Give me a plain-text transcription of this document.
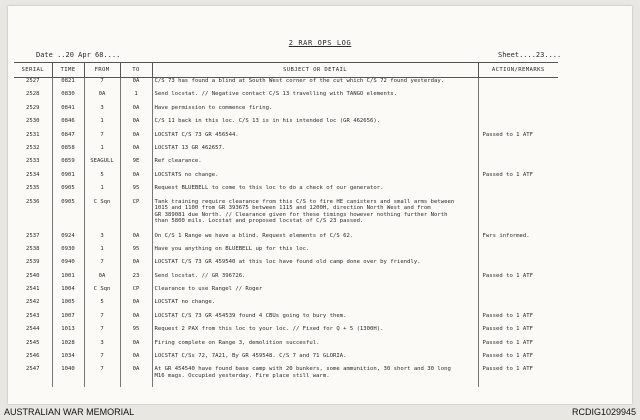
2 RAR OPS LOG
Date ..20 Apr 68....	Sheet....23....
SERIAL	TIME	FROM	TO	SUBJECT OR DETAIL	ACTION/REMARKS
2527	0821	7	0A	C/S 73 has found a blind at South West corner of the cut which C/S 72 found yesterday.	
2528	0830	0A	1	Send locstat. // Negative contact C/S 13 travelling with TANGO elements.	
2529	0841	3	0A	Have permission to commence firing.	
2530	0846	1	0A	C/S 11 back in this loc. C/S 13 is in his intended loc (GR 462656).	
2531	0847	7	0A	LOCSTAT C/S 73 GR 456544.	Passed to 1 ATF
2532	0858	1	0A	LOCSTAT 13 GR 462657.	
2533	0859	SEAGULL	9E	Ref clearance.	
2534	0901	5	0A	LOCSTATS no change.	Passed to 1 ATF
2535	0905	1	95	Request BLUEBELL to come to this loc to do a check of our generator.	
2536	0905	C Sqn	CP	Tank training require clearance from this C/S to fire HE canisters and small arms between
1015 and 1100 from GR 393675 between 1115 and 1200H, direction North West and from
GR 389081 due North. // Clearance given for these timings however nothing further North
than 5800 mils. Locstat and proposed locstat of C/S 23 passed.	
2537	0924	3	0A	On C/S 1 Range we have a blind. Request elements of C/S 62.	Fwrs informed.
2538	0930	1	95	Have you anything on BLUEBELL up for this loc.	
2539	0940	7	0A	LOCSTAT C/S 73 GR 459540 at this loc have found old camp done over by friendly.	
2540	1001	0A	23	Send locstat. // GR 396726.	Passed to 1 ATF
2541	1004	C Sqn	CP	Clearance to use Rangel // Roger	
2542	1005	5	0A	LOCSTAT no change.	
2543	1007	7	0A	LOCSTAT C/S 73 GR 454539 found 4 CBUs going to bury them.	Passed to 1 ATF
2544	1013	7	95	Request 2 PAX from this loc to your loc. // Fixed for Q + 5 (1300H).	Passed to 1 ATF
2545	1028	3	0A	Firing complete on Range 3, demolition succesful.	Passed to 1 ATF
2546	1034	7	0A	LOCSTAT C/Ss 72, 7A21, By GR 459548. C/S 7 and 71 GLORIA.	Passed to 1 ATF
2547	1040	7	0A	At GR 454540 have found base camp with 20 bunkers, some ammunition, 30 short and 30 long
M16 mags. Occupied yesterday. Fire place still warm.	Passed to 1 ATF
AUSTRALIAN WAR MEMORIAL	RCDIG1029945
